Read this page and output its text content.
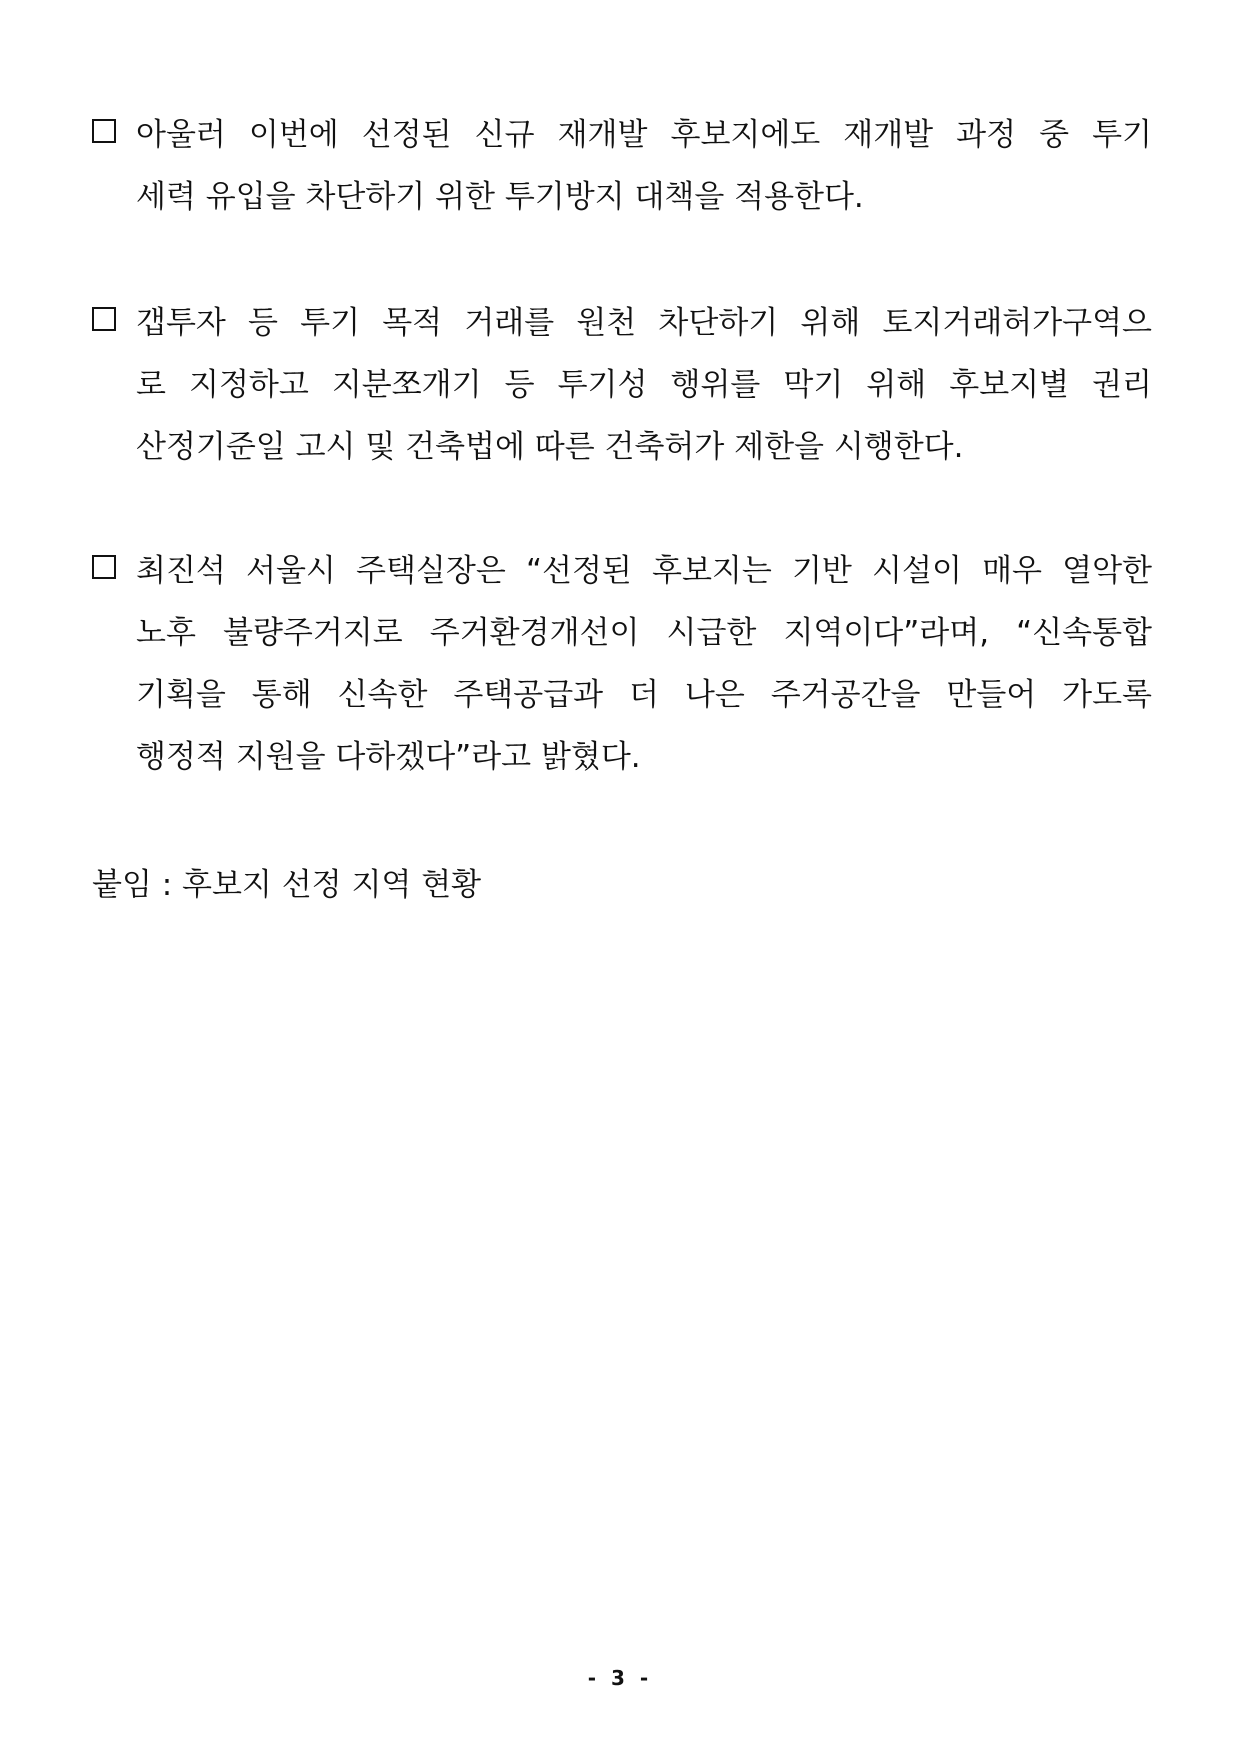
아울러 이번에 선정된 신규 재개발 후보지에도 재개발 과정 중 투기
세력 유입을 차단하기 위한 투기방지 대책을 적용한다.
갭투자 등 투기 목적 거래를 원천 차단하기 위해 토지거래허가구역으
로 지정하고 지분쪼개기 등 투기성 행위를 막기 위해 후보지별 권리
산정기준일 고시 및 건축법에 따른 건축허가 제한을 시행한다.
최진석 서울시 주택실장은 “선정된 후보지는 기반 시설이 매우 열악한
노후 불량주거지로 주거환경개선이 시급한 지역이다”라며, “신속통합
기획을 통해 신속한 주택공급과 더 나은 주거공간을 만들어 가도록
행정적 지원을 다하겠다”라고 밝혔다.
붙임 : 후보지 선정 지역 현황
- 3 -
